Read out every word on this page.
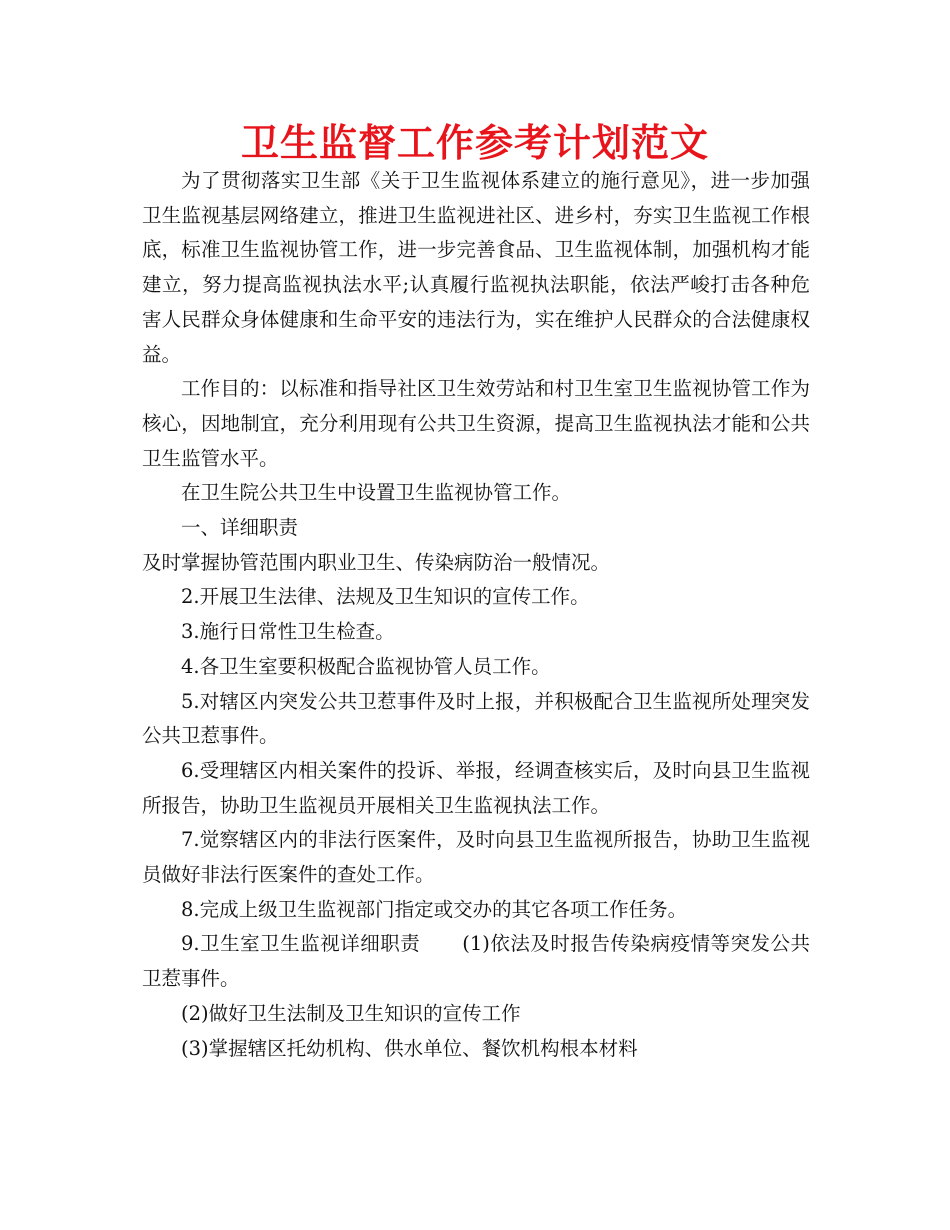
卫生监督工作参考计划范文

为了贯彻落实卫生部《关于卫生监视体系建立的施行意见》，进一步加强卫生监视基层网络建立，推进卫生监视进社区、进乡村，夯实卫生监视工作根底，标准卫生监视协管工作，进一步完善食品、卫生监视体制，加强机构才能建立，努力提高监视执法水平;认真履行监视执法职能，依法严峻打击各种危害人民群众身体健康和生命平安的违法行为，实在维护人民群众的合法健康权益。

工作目的：以标准和指导社区卫生效劳站和村卫生室卫生监视协管工作为核心，因地制宜，充分利用现有公共卫生资源，提高卫生监视执法才能和公共卫生监管水平。

在卫生院公共卫生中设置卫生监视协管工作。

一、详细职责

及时掌握协管范围内职业卫生、传染病防治一般情况。

2.开展卫生法律、法规及卫生知识的宣传工作。

3.施行日常性卫生检查。

4.各卫生室要积极配合监视协管人员工作。

5.对辖区内突发公共卫惹事件及时上报，并积极配合卫生监视所处理突发公共卫惹事件。

6.受理辖区内相关案件的投诉、举报，经调查核实后，及时向县卫生监视所报告，协助卫生监视员开展相关卫生监视执法工作。

7.觉察辖区内的非法行医案件，及时向县卫生监视所报告，协助卫生监视员做好非法行医案件的查处工作。

8.完成上级卫生监视部门指定或交办的其它各项工作任务。

9.卫生室卫生监视详细职责 (1)依法及时报告传染病疫情等突发公共卫惹事件。

(2)做好卫生法制及卫生知识的宣传工作

(3)掌握辖区托幼机构、供水单位、餐饮机构根本材料
